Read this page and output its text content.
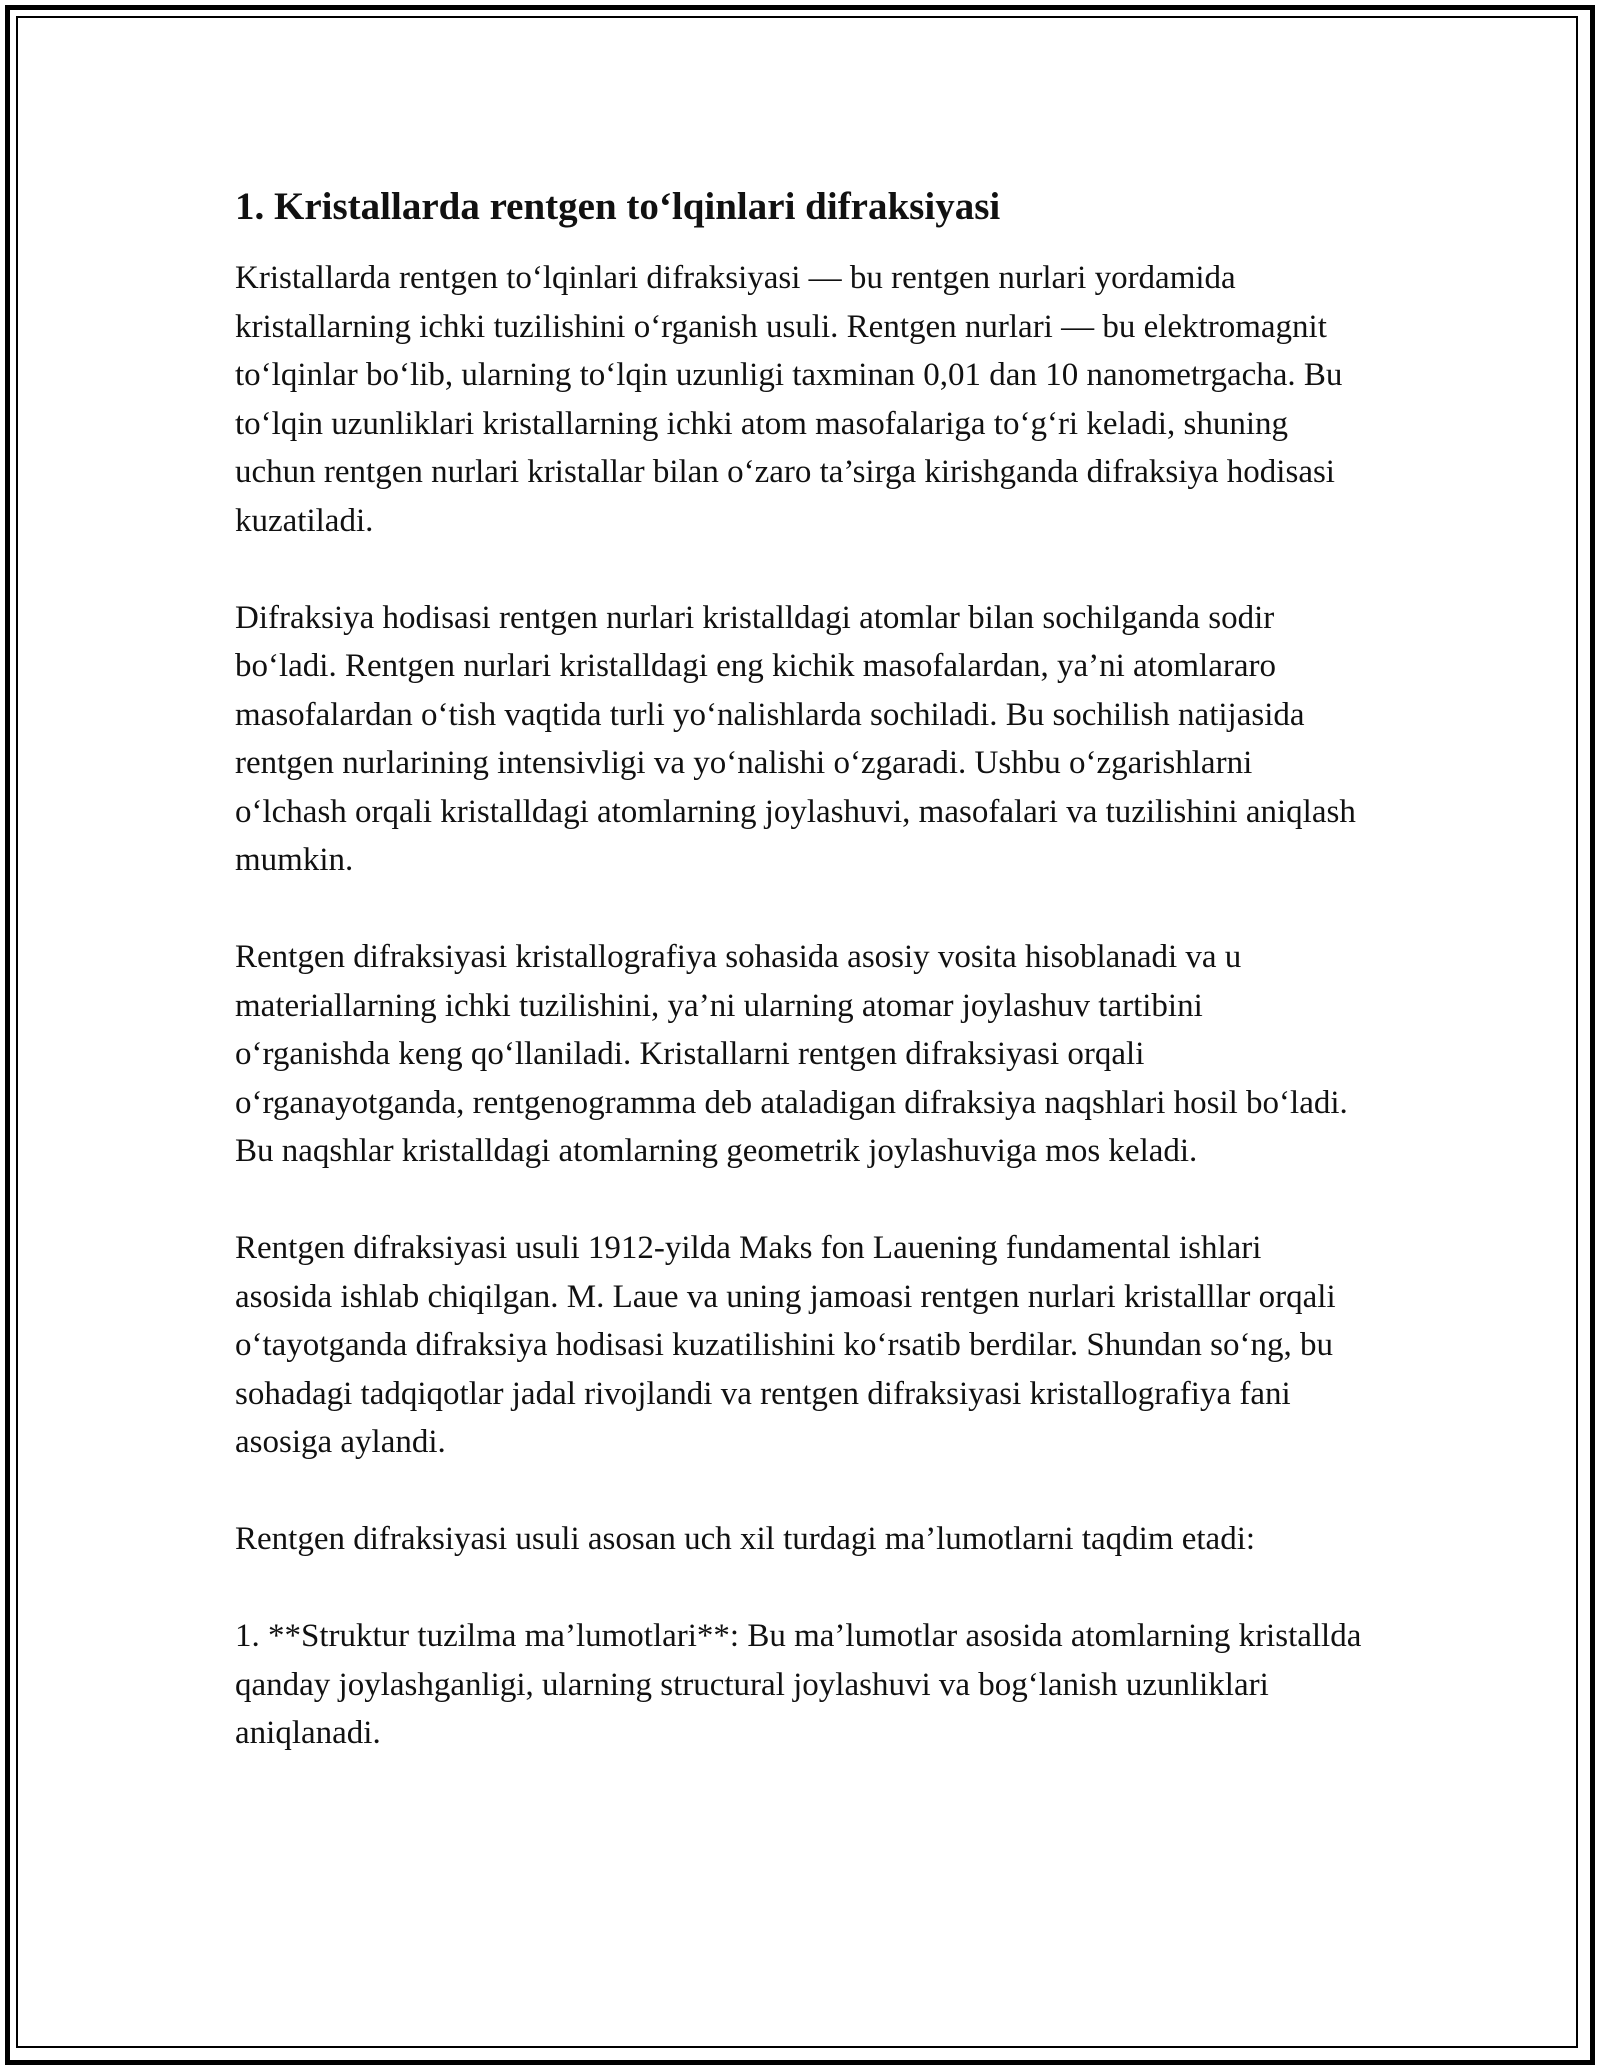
1. Kristallarda rentgen to‘lqinlari difraksiyasi

Kristallarda rentgen to‘lqinlari difraksiyasi — bu rentgen nurlari yordamida kristallarning ichki tuzilishini o‘rganish usuli. Rentgen nurlari — bu elektromagnit to‘lqinlar bo‘lib, ularning to‘lqin uzunligi taxminan 0,01 dan 10 nanometrgacha. Bu to‘lqin uzunliklari kristallarning ichki atom masofalariga to‘g‘ri keladi, shuning uchun rentgen nurlari kristallar bilan o‘zaro ta’sirga kirishganda difraksiya hodisasi kuzatiladi.

Difraksiya hodisasi rentgen nurlari kristalldagi atomlar bilan sochilganda sodir bo‘ladi. Rentgen nurlari kristalldagi eng kichik masofalardan, ya’ni atomlararo masofalardan o‘tish vaqtida turli yo‘nalishlarda sochiladi. Bu sochilish natijasida rentgen nurlarining intensivligi va yo‘nalishi o‘zgaradi. Ushbu o‘zgarishlarni o‘lchash orqali kristalldagi atomlarning joylashuvi, masofalari va tuzilishini aniqlash mumkin.

Rentgen difraksiyasi kristallografiya sohasida asosiy vosita hisoblanadi va u materiallarning ichki tuzilishini, ya’ni ularning atomar joylashuv tartibini o‘rganishda keng qo‘llaniladi. Kristallarni rentgen difraksiyasi orqali o‘rganayotganda, rentgenogramma deb ataladigan difraksiya naqshlari hosil bo‘ladi. Bu naqshlar kristalldagi atomlarning geometrik joylashuviga mos keladi.

Rentgen difraksiyasi usuli 1912-yilda Maks fon Lauening fundamental ishlari asosida ishlab chiqilgan. M. Laue va uning jamoasi rentgen nurlari kristalllar orqali o‘tayotganda difraksiya hodisasi kuzatilishini ko‘rsatib berdilar. Shundan so‘ng, bu sohadagi tadqiqotlar jadal rivojlandi va rentgen difraksiyasi kristallografiya fani asosiga aylandi.

Rentgen difraksiyasi usuli asosan uch xil turdagi ma’lumotlarni taqdim etadi:

1. **Struktur tuzilma ma’lumotlari**: Bu ma’lumotlar asosida atomlarning kristallda qanday joylashganligi, ularning structural joylashuvi va bog‘lanish uzunliklari aniqlanadi.
